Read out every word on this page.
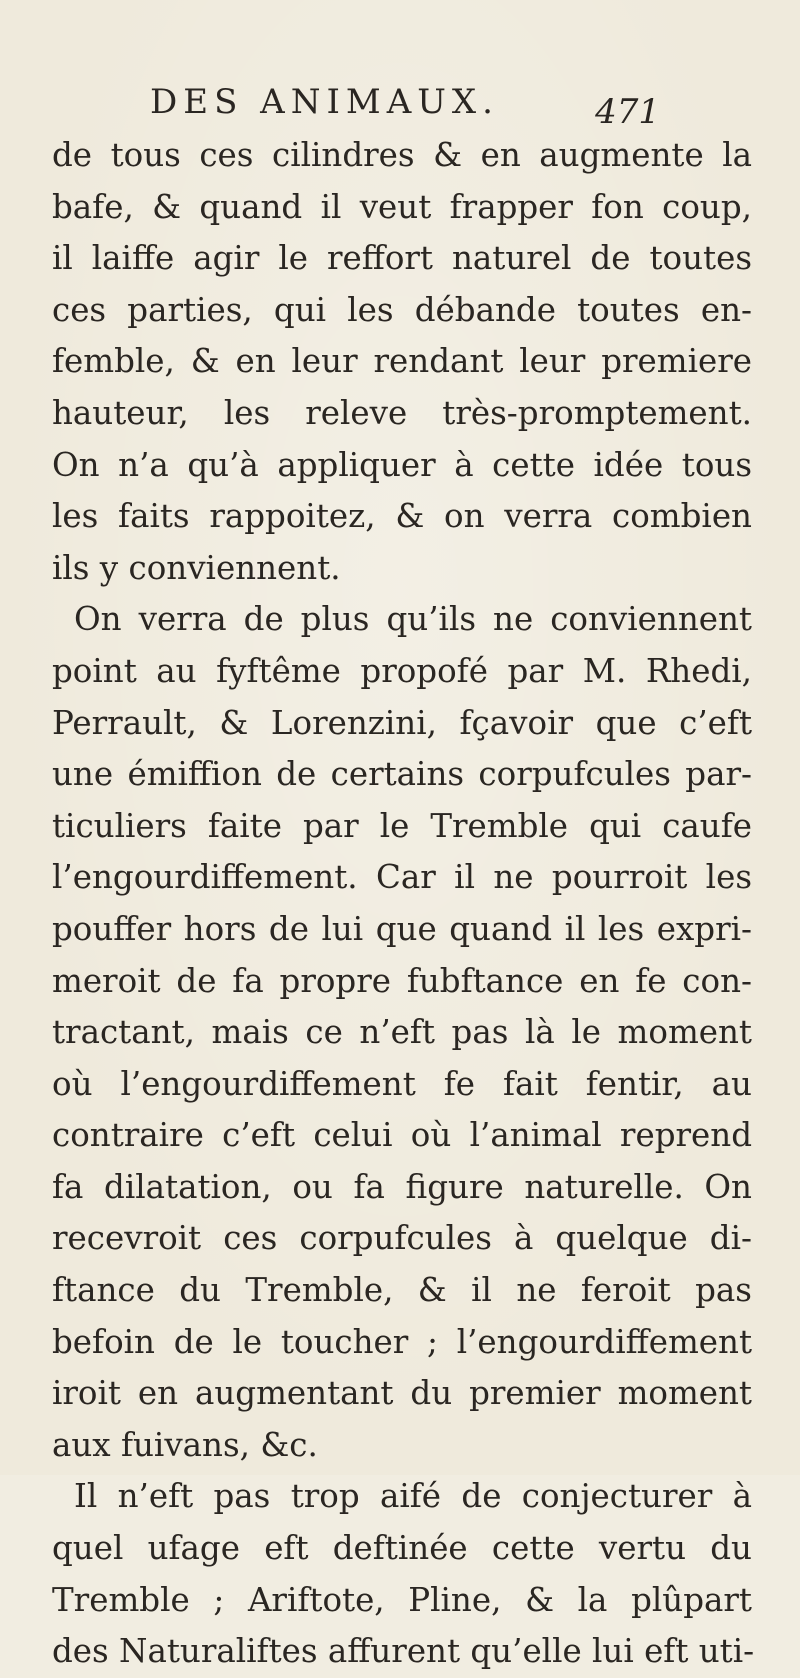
DES ANIMAUX.	471
de tous ces cilindres & en augmente la
bafe, & quand il veut frapper fon coup,
il laiffe agir le reffort naturel de toutes
ces parties, qui les débande toutes en-
femble, & en leur rendant leur premiere
hauteur, les releve très-promptement.
On n’a qu’à appliquer à cette idée tous
les faits rappoitez, & on verra combien
ils y conviennent.
On verra de plus qu’ils ne conviennent
point au fyftême propofé par M. Rhedi,
Perrault, & Lorenzini, fçavoir que c’eft
une émiffion de certains corpufcules par-
ticuliers faite par le Tremble qui caufe
l’engourdiffement. Car il ne pourroit les
pouffer hors de lui que quand il les expri-
meroit de fa propre fubftance en fe con-
tractant, mais ce n’eft pas là le moment
où l’engourdiffement fe fait fentir, au
contraire c’eft celui où l’animal reprend
fa dilatation, ou fa figure naturelle. On
recevroit ces corpufcules à quelque di-
ftance du Tremble, & il ne feroit pas
befoin de le toucher ; l’engourdiffement
iroit en augmentant du premier moment
aux fuivans, &c.
Il n’eft pas trop aifé de conjecturer à
quel ufage eft deftinée cette vertu du
Tremble ; Ariftote, Pline, & la plûpart
des Naturaliftes affurent qu’elle lui eft uti-
